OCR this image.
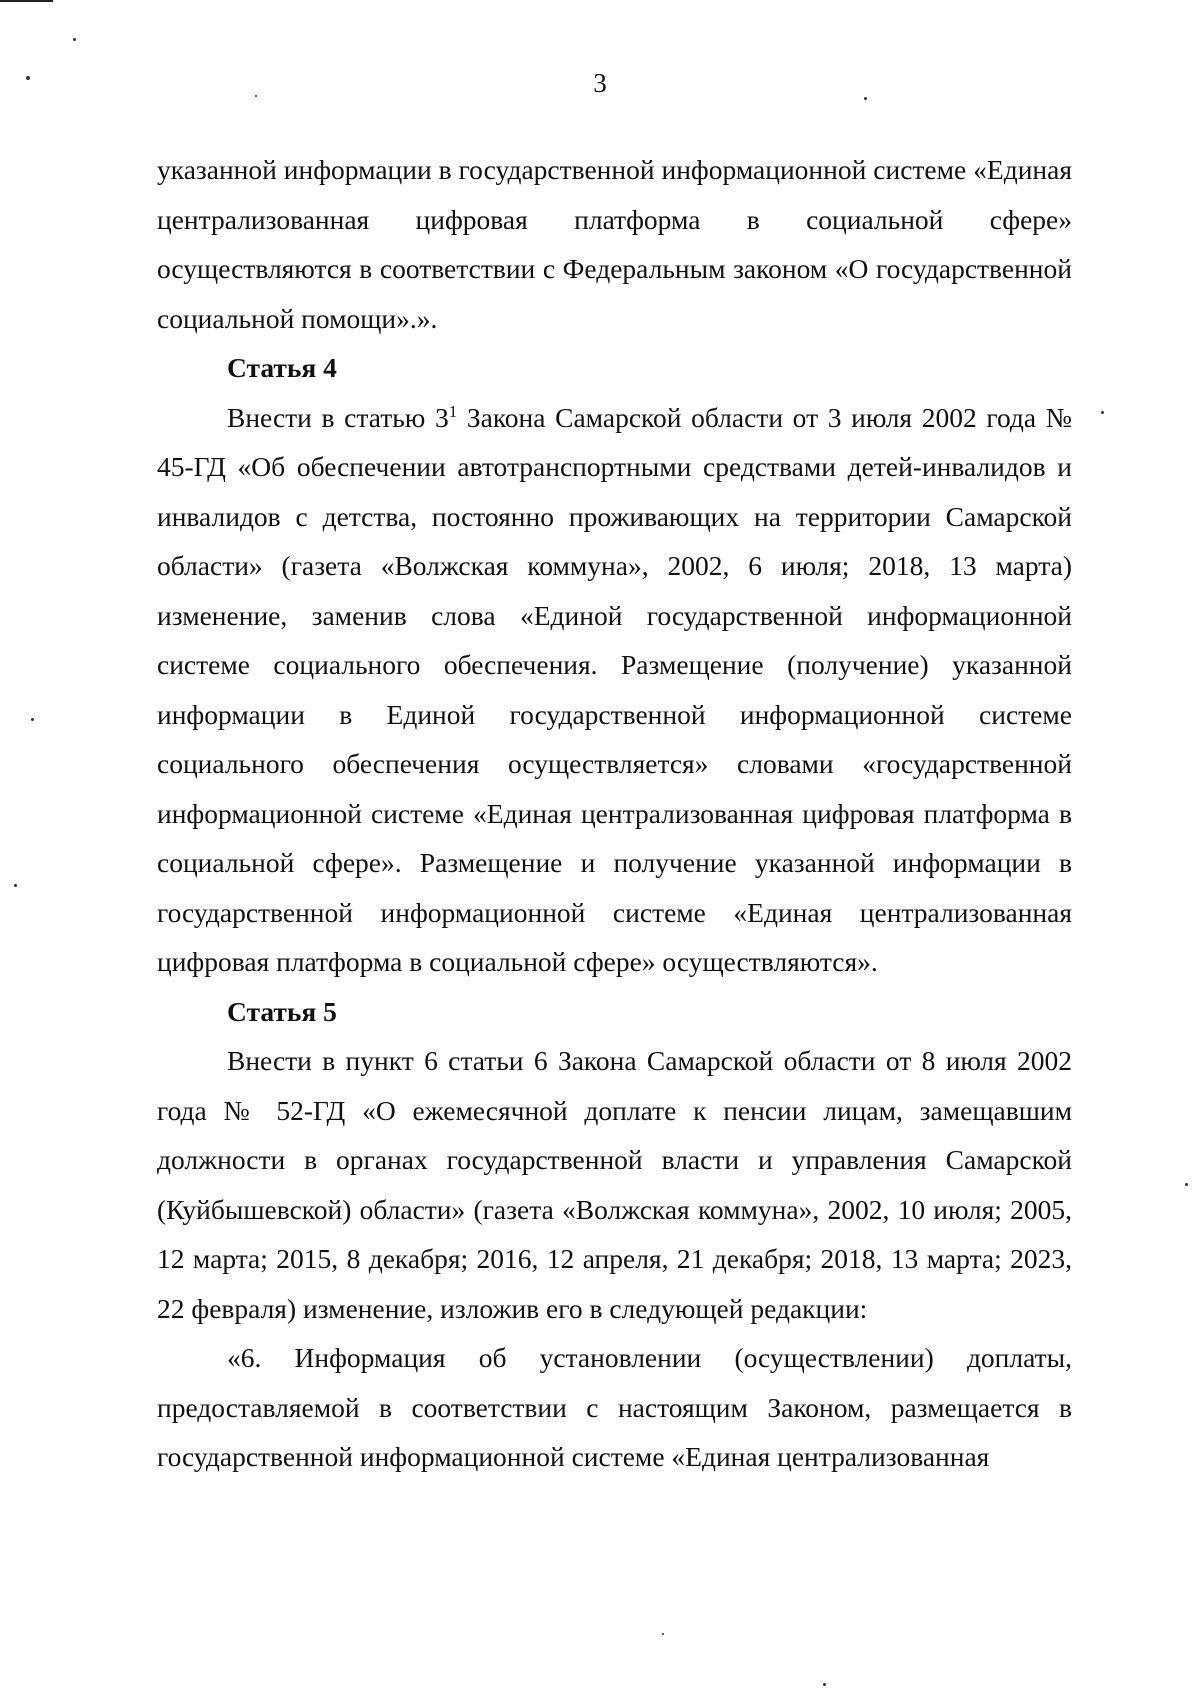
3

указанной информации в государственной информационной системе «Единая централизованная цифровая платформа в социальной сфере» осуществляются в соответствии с Федеральным законом «О государственной социальной помощи».».

Статья 4

Внести в статью $3^1$ Закона Самарской области от 3 июля 2002 года № 45-ГД «Об обеспечении автотранспортными средствами детей-инвалидов и инвалидов с детства, постоянно проживающих на территории Самарской области» (газета «Волжская коммуна», 2002, 6 июля; 2018, 13 марта) изменение, заменив слова «Единой государственной информационной системе социального обеспечения. Размещение (получение) указанной информации в Единой государственной информационной системе социального обеспечения осуществляется» словами «государственной информационной системе «Единая централизованная цифровая платформа в социальной сфере». Размещение и получение указанной информации в государственной информационной системе «Единая централизованная цифровая платформа в социальной сфере» осуществляются».

Статья 5

Внести в пункт 6 статьи 6 Закона Самарской области от 8 июля 2002 года № 52-ГД «О ежемесячной доплате к пенсии лицам, замещавшим должности в органах государственной власти и управления Самарской (Куйбышевской) области» (газета «Волжская коммуна», 2002, 10 июля; 2005, 12 марта; 2015, 8 декабря; 2016, 12 апреля, 21 декабря; 2018, 13 марта; 2023, 22 февраля) изменение, изложив его в следующей редакции:

«6. Информация об установлении (осуществлении) доплаты, предоставляемой в соответствии с настоящим Законом, размещается в государственной информационной системе «Единая централизованная
